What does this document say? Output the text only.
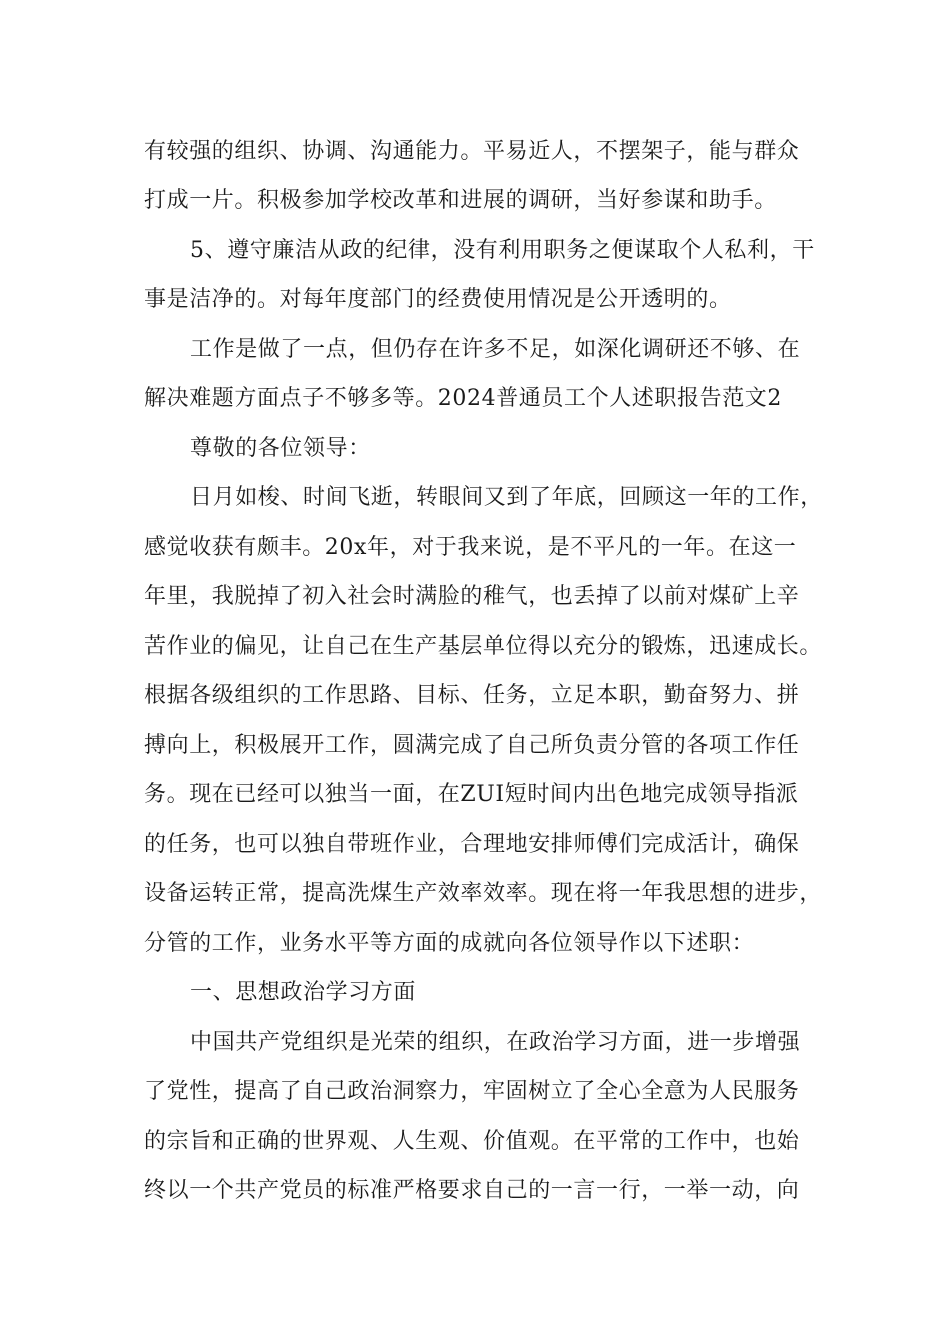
有较强的组织、协调、沟通能力。平易近人，不摆架子，能与群众
打成一片。积极参加学校改革和进展的调研，当好参谋和助手。
5、遵守廉洁从政的纪律，没有利用职务之便谋取个人私利，干
事是洁净的。对每年度部门的经费使用情况是公开透明的。
工作是做了一点，但仍存在许多不足，如深化调研还不够、在
解决难题方面点子不够多等。2024普通员工个人述职报告范文2
尊敬的各位领导：
日月如梭、时间飞逝，转眼间又到了年底，回顾这一年的工作，
感觉收获有颇丰。20x年，对于我来说，是不平凡的一年。在这一
年里，我脱掉了初入社会时满脸的稚气，也丢掉了以前对煤矿上辛
苦作业的偏见，让自己在生产基层单位得以充分的锻炼，迅速成长。
根据各级组织的工作思路、目标、任务，立足本职，勤奋努力、拼
搏向上，积极展开工作，圆满完成了自己所负责分管的各项工作任
务。现在已经可以独当一面，在ZUI短时间内出色地完成领导指派
的任务，也可以独自带班作业，合理地安排师傅们完成活计，确保
设备运转正常，提高洗煤生产效率效率。现在将一年我思想的进步，
分管的工作，业务水平等方面的成就向各位领导作以下述职：
一、思想政治学习方面
中国共产党组织是光荣的组织，在政治学习方面，进一步增强
了党性，提高了自己政治洞察力，牢固树立了全心全意为人民服务
的宗旨和正确的世界观、人生观、价值观。在平常的工作中，也始
终以一个共产党员的标准严格要求自己的一言一行，一举一动，向
